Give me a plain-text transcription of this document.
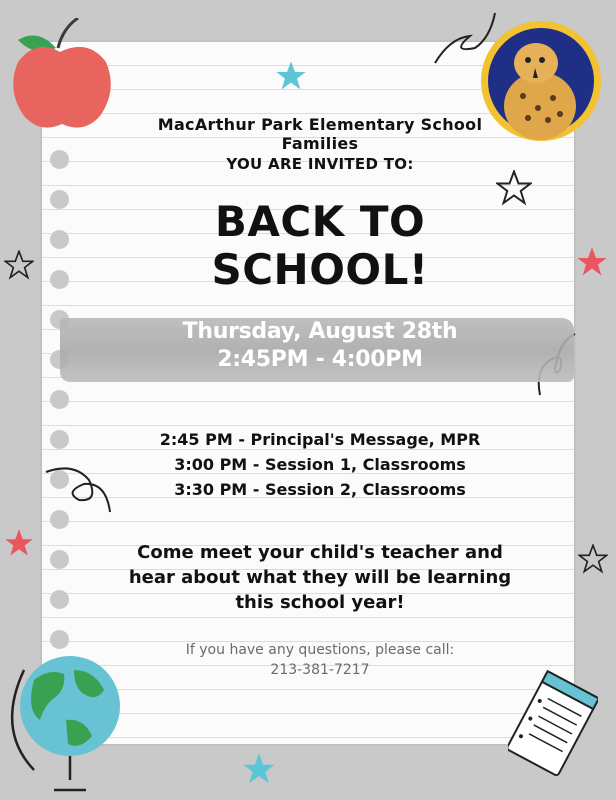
MacArthur Park Elementary School
Families
YOU ARE INVITED TO:
BACK TO
SCHOOL!
Thursday, August 28th
2:45PM - 4:00PM
2:45 PM - Principal's Message, MPR
3:00 PM - Session 1, Classrooms
3:30 PM - Session 2, Classrooms
Come meet your child's teacher and
hear about what they will be learning
this school year!
If you have any questions, please call:
213-381-7217
